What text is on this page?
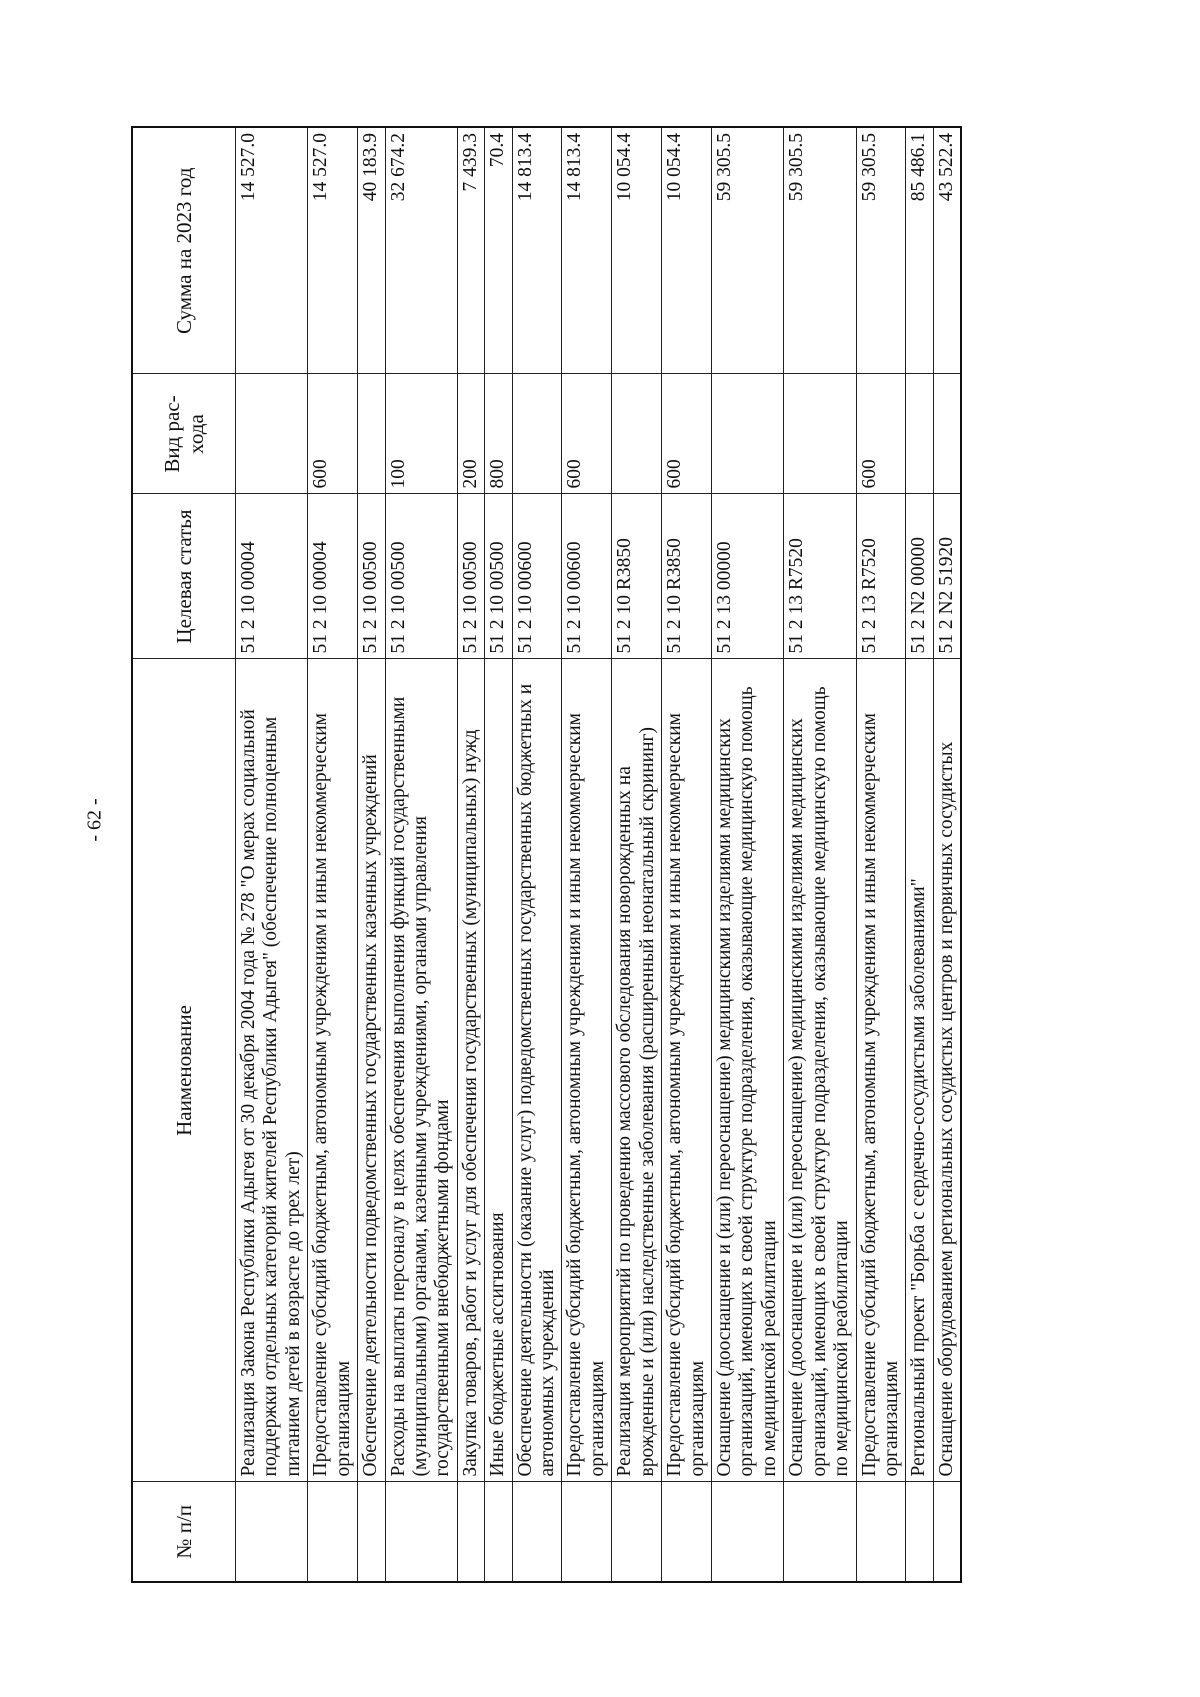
- 62 -
№ п/п	Наименование	Целевая статья	Вид рас-хода	Сумма на 2023 год
	Реализация Закона Республики Адыгея от 30 декабря 2004 года № 278 "О мерах социальной поддержки отдельных категорий жителей Республики Адыгея" (обеспечение полноценным питанием детей в возрасте до трех лет)	51 2 10 00004		14 527.0
	Предоставление субсидий бюджетным, автономным учреждениям и иным некоммерческим организациям	51 2 10 00004	600	14 527.0
	Обеспечение деятельности подведомственных государственных казенных учреждений	51 2 10 00500		40 183.9
	Расходы на выплаты персоналу в целях обеспечения выполнения функций государственными (муниципальными) органами, казенными учреждениями, органами управления государственными внебюджетными фондами	51 2 10 00500	100	32 674.2
	Закупка товаров, работ и услуг для обеспечения государственных (муниципальных) нужд	51 2 10 00500	200	7 439.3
	Иные бюджетные ассигнования	51 2 10 00500	800	70.4
	Обеспечение деятельности (оказание услуг) подведомственных государственных бюджетных и автономных учреждений	51 2 10 00600		14 813.4
	Предоставление субсидий бюджетным, автономным учреждениям и иным некоммерческим организациям	51 2 10 00600	600	14 813.4
	Реализация мероприятий по проведению массового обследования новорожденных на врожденные и (или) наследственные заболевания (расширенный неонатальный скрининг)	51 2 10 R3850		10 054.4
	Предоставление субсидий бюджетным, автономным учреждениям и иным некоммерческим организациям	51 2 10 R3850	600	10 054.4
	Оснащение (дооснащение и (или) переоснащение) медицинскими изделиями медицинских организаций, имеющих в своей структуре подразделения, оказывающие медицинскую помощь по медицинской реабилитации	51 2 13 00000		59 305.5
	Оснащение (дооснащение и (или) переоснащение) медицинскими изделиями медицинских организаций, имеющих в своей структуре подразделения, оказывающие медицинскую помощь по медицинской реабилитации	51 2 13 R7520		59 305.5
	Предоставление субсидий бюджетным, автономным учреждениям и иным некоммерческим организациям	51 2 13 R7520	600	59 305.5
	Региональный проект "Борьба с сердечно-сосудистыми заболеваниями"	51 2 N2 00000		85 486.1
	Оснащение оборудованием региональных сосудистых центров и первичных сосудистых	51 2 N2 51920		43 522.4
